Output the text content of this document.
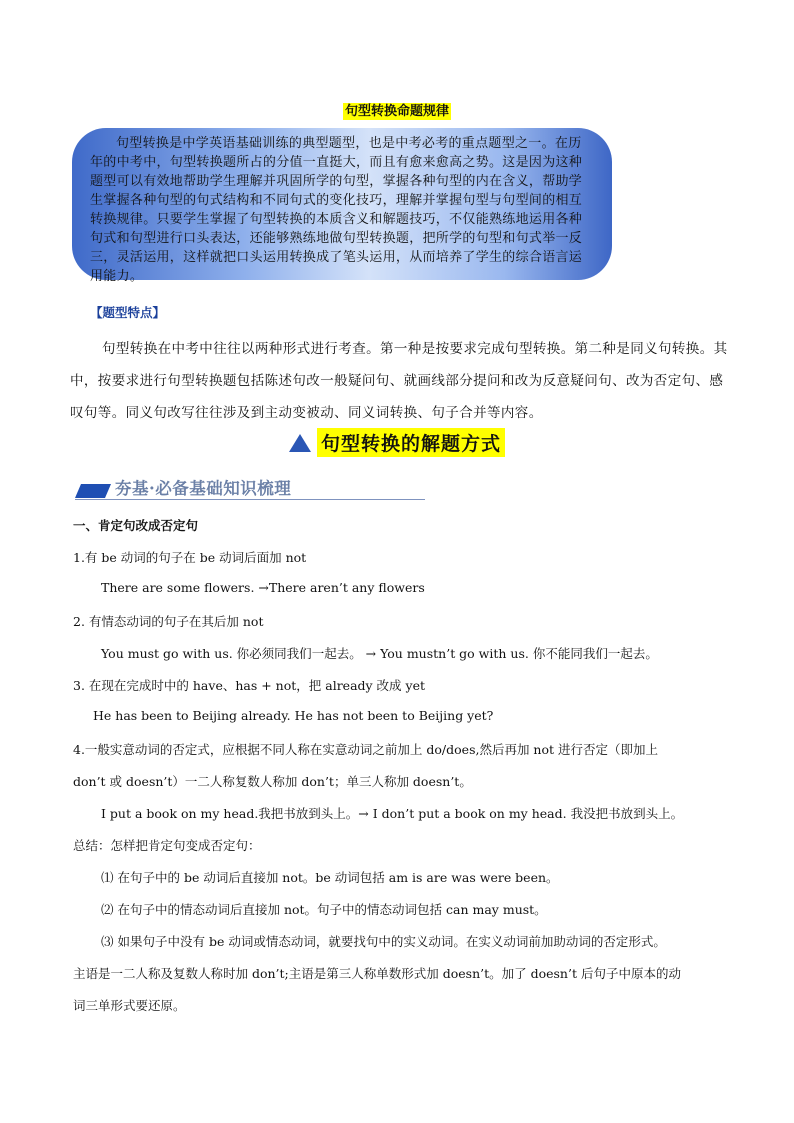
句型转换命题规律
句型转换是中学英语基础训练的典型题型，也是中考必考的重点题型之一。在历年的中考中，句型转换题所占的分值一直挺大，而且有愈来愈高之势。这是因为这种题型可以有效地帮助学生理解并巩固所学的句型，掌握各种句型的内在含义，帮助学生掌握各种句型的句式结构和不同句式的变化技巧，理解并掌握句型与句型间的相互转换规律。只要学生掌握了句型转换的本质含义和解题技巧，不仅能熟练地运用各种句式和句型进行口头表达，还能够熟练地做句型转换题，把所学的句型和句式举一反三，灵活运用，这样就把口头运用转换成了笔头运用，从而培养了学生的综合语言运用能力。
【题型特点】
句型转换在中考中往往以两种形式进行考查。第一种是按要求完成句型转换。第二种是同义句转换。其中，按要求进行句型转换题包括陈述句改一般疑问句、就画线部分提问和改为反意疑问句、改为否定句、感叹句等。同义句改写往往涉及到主动变被动、同义词转换、句子合并等内容。
句型转换的解题方式
夯基·必备基础知识梳理
一、肯定句改成否定句
1.有 be 动词的句子在 be 动词后面加 not
There are some flowers. →There aren’t any flowers
2. 有情态动词的句子在其后加 not
You must go with us. 你必须同我们一起去。 → You mustn’t go with us. 你不能同我们一起去。
3. 在现在完成时中的 have、has + not，把 already 改成 yet
He has been to Beijing already. He has not been to Beijing yet?
4.一般实意动词的否定式，应根据不同人称在实意动词之前加上 do/does,然后再加 not 进行否定（即加上
don’t 或 doesn’t）一二人称复数人称加 don’t；单三人称加 doesn’t。
I put a book on my head.我把书放到头上。→ I don’t put a book on my head. 我没把书放到头上。
总结：怎样把肯定句变成否定句：
⑴ 在句子中的 be 动词后直接加 not。be 动词包括 am is are was were been。
⑵ 在句子中的情态动词后直接加 not。句子中的情态动词包括 can may must。
⑶ 如果句子中没有 be 动词或情态动词，就要找句中的实义动词。在实义动词前加助动词的否定形式。
主语是一二人称及复数人称时加 don’t;主语是第三人称单数形式加 doesn’t。加了 doesn’t 后句子中原本的动
词三单形式要还原。
